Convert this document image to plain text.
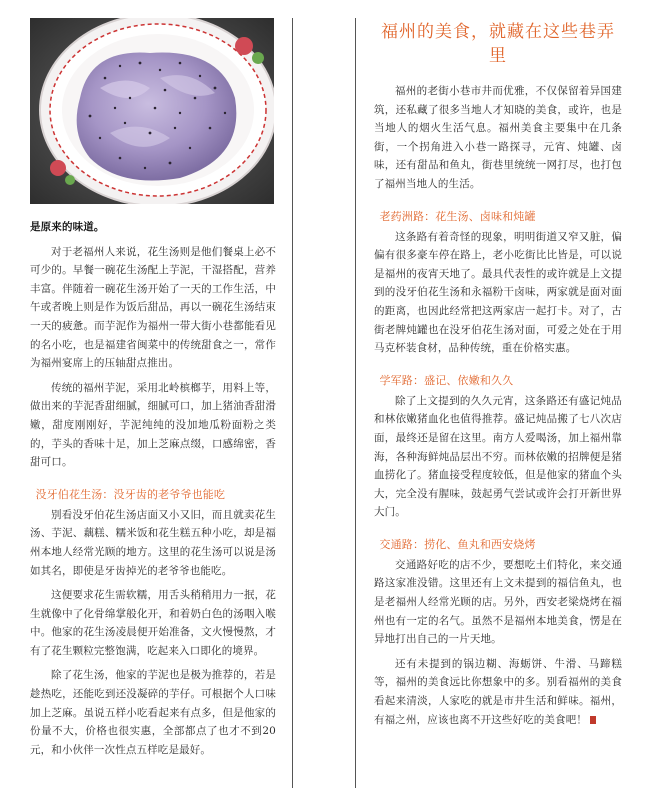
是原来的味道。

对于老福州人来说，花生汤则是他们餐桌上必不可少的。早餐一碗花生汤配上芋泥，干湿搭配，营养丰富。伴随着一碗花生汤开始了一天的工作生活，中午或者晚上则是作为饭后甜品，再以一碗花生汤结束一天的疲惫。而芋泥作为福州一带大街小巷都能看见的名小吃，也是福建省闽菜中的传统甜食之一，常作为福州宴席上的压轴甜点推出。

传统的福州芋泥，采用北岭槟榔芋，用料上等，做出来的芋泥香甜细腻，细腻可口，加上猪油香甜滑嫩，甜度刚刚好，芋泥纯纯的没加地瓜粉面粉之类的，芋头的香味十足，加上芝麻点缀，口感绵密，香甜可口。

没牙伯花生汤：没牙齿的老爷爷也能吃

别看没牙伯花生汤店面又小又旧，而且就卖花生汤、芋泥、藕糕、糯米饭和花生糕五种小吃，却是福州本地人经常光顾的地方。这里的花生汤可以说是汤如其名，即使是牙齿掉光的老爷爷也能吃。

这便要求花生需软糯，用舌头稍稍用力一抿，花生就像中了化骨绵掌般化开，和着奶白色的汤咽入喉中。他家的花生汤凌晨便开始准备，文火慢慢熬，才有了花生颗粒完整饱满，吃起来入口即化的境界。

除了花生汤，他家的芋泥也是极为推荐的，若是趁热吃，还能吃到还没凝碎的芋仔。可根据个人口味加上芝麻。虽说五样小吃看起来有点多，但是他家的份量不大，价格也很实惠，全部都点了也才不到20元，和小伙伴一次性点五样吃是最好。

福州的美食，就藏在这些巷弄里

福州的老街小巷市井而优雅，不仅保留着异国建筑，还私藏了很多当地人才知晓的美食，或许，也是当地人的烟火生活气息。福州美食主要集中在几条街，一个拐角进入小巷一路探寻，元宵、炖罐、卤味，还有甜品和鱼丸，街巷里统统一网打尽，也打包了福州当地人的生活。

老药洲路：花生汤、卤味和炖罐

这条路有着奇怪的现象，明明街道又窄又脏，偏偏有很多豪车停在路上，老小吃街比比皆是，可以说是福州的夜宵天地了。最具代表性的或许就是上文提到的没牙伯花生汤和永福粉干卤味，两家就是面对面的距离，也因此经常把这两家店一起打卡。对了，古街老牌炖罐也在没牙伯花生汤对面，可爱之处在于用马克杯装食材，品种传统，重在价格实惠。

学军路：盛记、依嫩和久久

除了上文提到的久久元宵，这条路还有盛记炖品和林依嫩猪血化也值得推荐。盛记炖品搬了七八次店面，最终还是留在这里。南方人爱喝汤，加上福州靠海，各种海鲜炖品层出不穷。而林依嫩的招牌便是猪血捞化了。猪血接受程度较低，但是他家的猪血个头大，完全没有腥味，鼓起勇气尝试或许会打开新世界大门。

交通路：捞化、鱼丸和西安烧烤

交通路好吃的店不少，要想吃土们特化，来交通路这家准没错。这里还有上文未提到的福信鱼丸，也是老福州人经常光顾的店。另外，西安老梁烧烤在福州也有一定的名气。虽然不是福州本地美食，愣是在异地打出自己的一片天地。

还有未提到的锅边糊、海蛎饼、牛滑、马蹄糕等，福州的美食远比你想象中的多。别看福州的美食看起来清淡，人家吃的就是市井生活和鲜味。福州，有福之州，应该也离不开这些好吃的美食吧！
